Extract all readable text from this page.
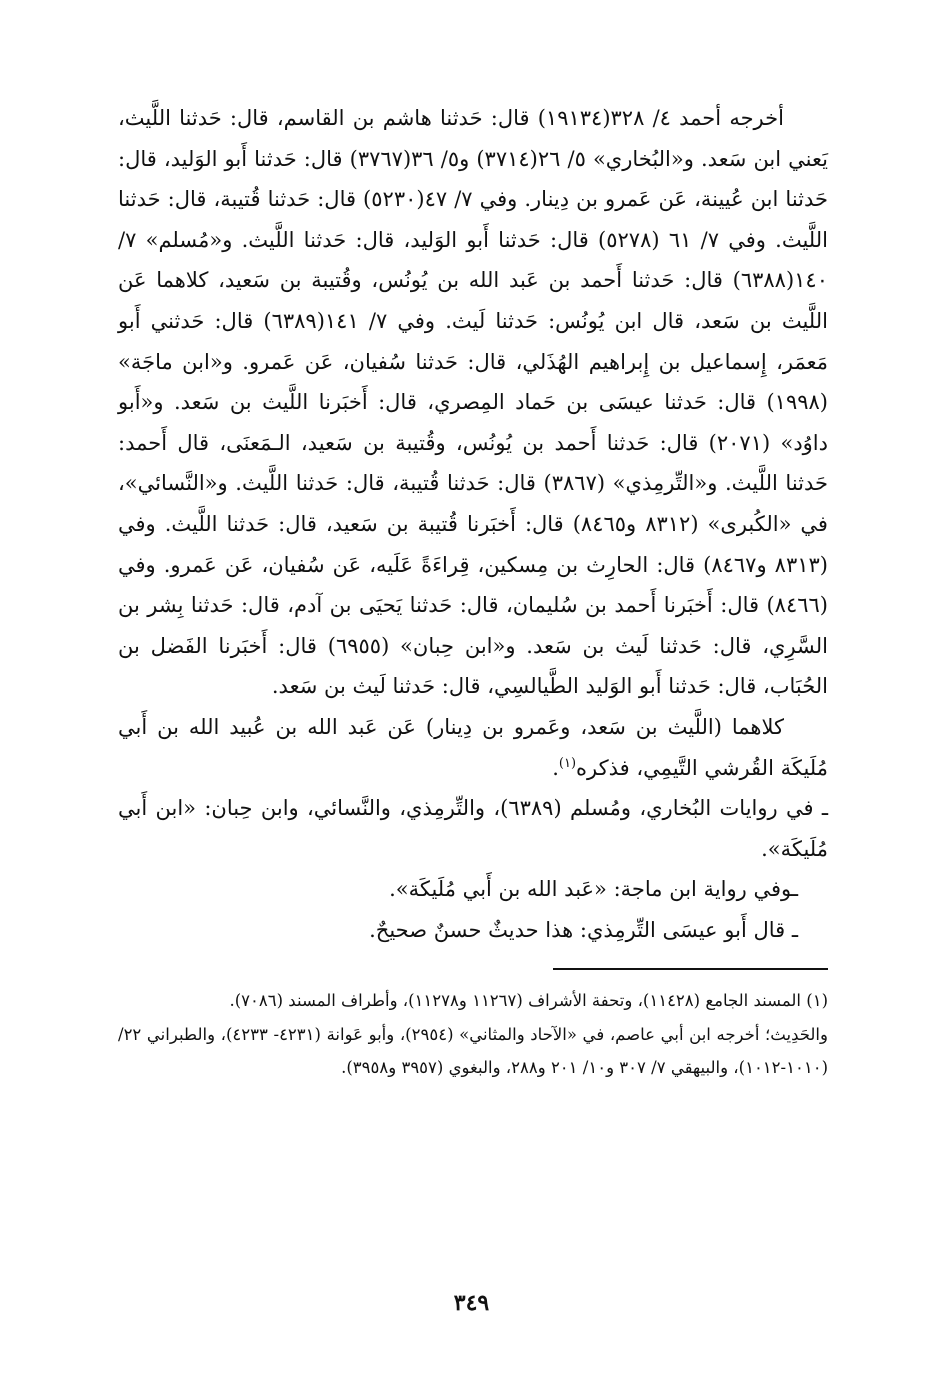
أخرجه أحمد ٤/ ٣٢٨(١٩١٣٤) قال: حَدثنا هاشم بن القاسم، قال: حَدثنا اللَّيث، يَعني ابن سَعد. و«البُخاري» ٥/ ٢٦(٣٧١٤) و٥/ ٣٦(٣٧٦٧) قال: حَدثنا أَبو الوَليد، قال: حَدثنا ابن عُيينة، عَن عَمرو بن دِينار. وفي ٧/ ٤٧(٥٢٣٠) قال: حَدثنا قُتيبة، قال: حَدثنا اللَّيث. وفي ٧/ ٦١ (٥٢٧٨) قال: حَدثنا أَبو الوَليد، قال: حَدثنا اللَّيث. و«مُسلم» ٧/ ١٤٠(٦٣٨٨) قال: حَدثنا أَحمد بن عَبد الله بن يُونُس، وقُتيبة بن سَعيد، كلاهما عَن اللَّيث بن سَعد، قال ابن يُونُس: حَدثنا لَيث. وفي ٧/ ١٤١(٦٣٨٩) قال: حَدثني أَبو مَعمَر، إِسماعيل بن إِبراهيم الهُذَلي، قال: حَدثنا سُفيان، عَن عَمرو. و«ابن ماجَة» (١٩٩٨) قال: حَدثنا عيسَى بن حَماد المِصري، قال: أَخبَرنا اللَّيث بن سَعد. و«أَبو داوُد» (٢٠٧١) قال: حَدثنا أَحمد بن يُونُس، وقُتيبة بن سَعيد، الـمَعنَى، قال أَحمد: حَدثنا اللَّيث. و«التِّرمِذي» (٣٨٦٧) قال: حَدثنا قُتيبة، قال: حَدثنا اللَّيث. و«النَّسائي»، في «الكُبرى» (٨٣١٢ و٨٤٦٥) قال: أَخبَرنا قُتيبة بن سَعيد، قال: حَدثنا اللَّيث. وفي (٨٣١٣ و٨٤٦٧) قال: الحارِث بن مِسكين، قِراءَةً عَلَيه، عَن سُفيان، عَن عَمرو. وفي (٨٤٦٦) قال: أَخبَرنا أَحمد بن سُليمان، قال: حَدثنا يَحيَى بن آدم، قال: حَدثنا بِشر بن السَّرِي، قال: حَدثنا لَيث بن سَعد. و«ابن حِبان» (٦٩٥٥) قال: أَخبَرنا الفَضل بن الحُبَاب، قال: حَدثنا أَبو الوَليد الطَّيالسِي، قال: حَدثنا لَيث بن سَعد.

كلاهما (اللَّيث بن سَعد، وعَمرو بن دِينار) عَن عَبد الله بن عُبيد الله بن أَبي مُلَيكَة القُرشي التَّيمِي، فذكره$^{(١)}$.

ـ في روايات البُخاري، ومُسلم (٦٣٨٩)، والتِّرمِذي، والنَّسائي، وابن حِبان: «ابن أَبي مُلَيكَة».

ـوفي رواية ابن ماجة: «عَبد الله بن أَبي مُلَيكَة».

ـ قال أَبو عيسَى التِّرمِذي: هذا حديثٌ حسنٌ صحيحٌ.

(١) المسند الجامع (١١٤٢٨)، وتحفة الأشراف (١١٢٦٧ و١١٢٧٨)، وأطراف المسند (٧٠٨٦).

والحَدِيث؛ أخرجه ابن أبي عاصم، في «الآحاد والمثاني» (٢٩٥٤)، وأبو عَوانة (٤٢٣١- ٤٢٣٣)، والطبراني ٢٢/ (١٠١٠-١٠١٢)، والبيهقي ٧/ ٣٠٧ و١٠/ ٢٠١ و٢٨٨، والبغوي (٣٩٥٧ و٣٩٥٨).

٣٤٩
